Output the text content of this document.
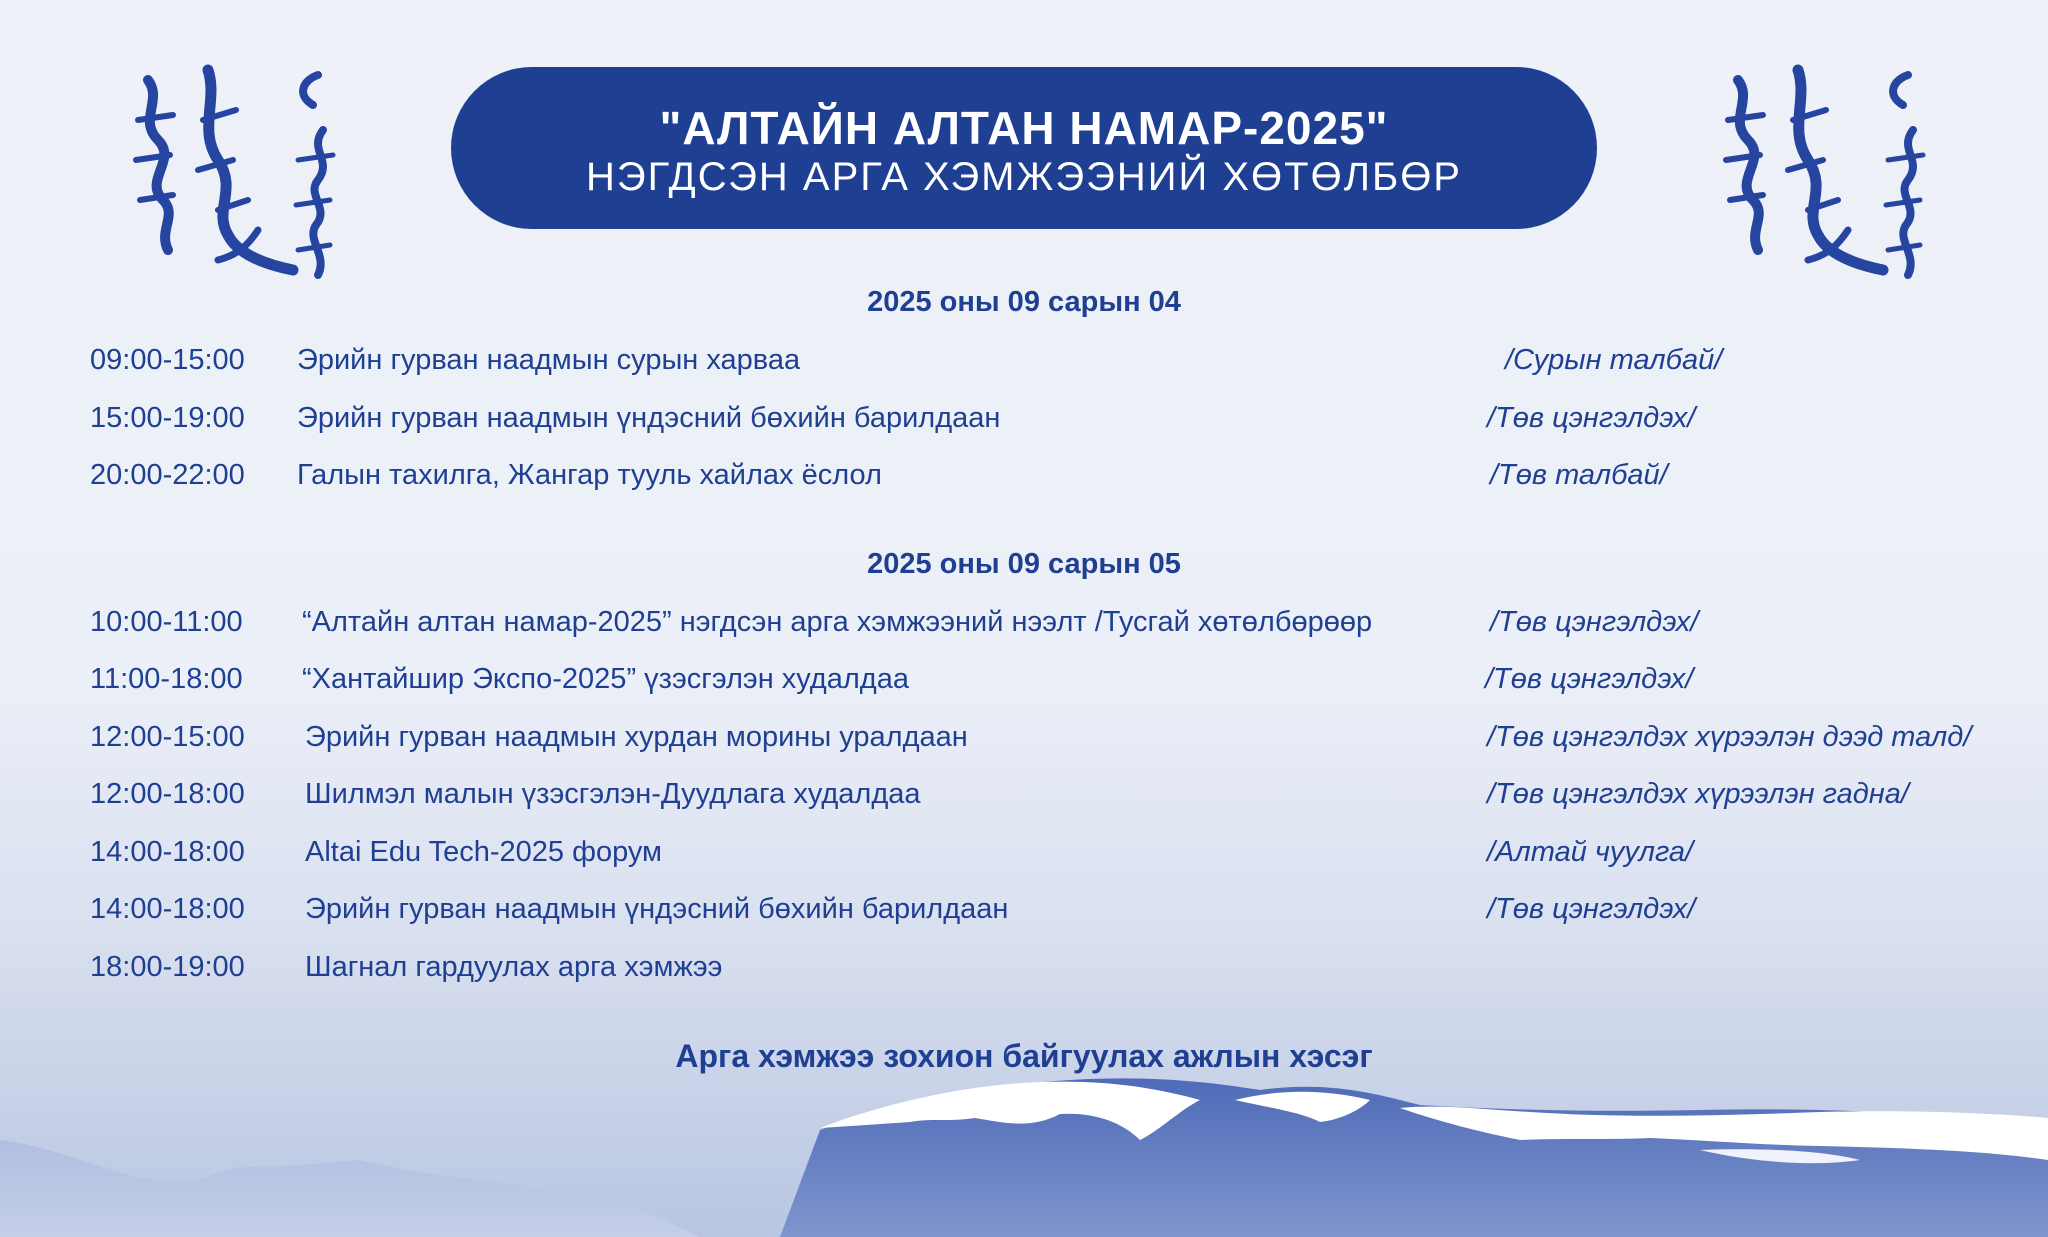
"АЛТАЙН АЛТАН НАМАР-2025"
НЭГДСЭН АРГА ХЭМЖЭЭНИЙ ХӨТӨЛБӨР
2025 оны 09 сарын 04
09:00-15:00 Эрийн гурван наадмын сурын харваа	/Сурын талбай/
15:00-19:00 Эрийн гурван наадмын үндэсний бөхийн барилдаан	/Төв цэнгэлдэх/
20:00-22:00 Галын тахилга, Жангар тууль хайлах ёслол	/Төв талбай/
2025 оны 09 сарын 05
10:00-11:00 “Алтайн алтан намар-2025” нэгдсэн арга хэмжээний нээлт /Тусгай хөтөлбөрөөр	/Төв цэнгэлдэх/
11:00-18:00 “Хантайшир Экспо-2025” үзэсгэлэн худалдаа	/Төв цэнгэлдэх/
12:00-15:00 Эрийн гурван наадмын хурдан морины уралдаан	/Төв цэнгэлдэх хүрээлэн дээд талд/
12:00-18:00 Шилмэл малын үзэсгэлэн-Дуудлага худалдаа	/Төв цэнгэлдэх хүрээлэн гадна/
14:00-18:00 Altai Edu Tech-2025 форум	/Алтай чуулга/
14:00-18:00 Эрийн гурван наадмын үндэсний бөхийн барилдаан	/Төв цэнгэлдэх/
18:00-19:00 Шагнал гардуулах арга хэмжээ
Арга хэмжээ зохион байгуулах ажлын хэсэг
